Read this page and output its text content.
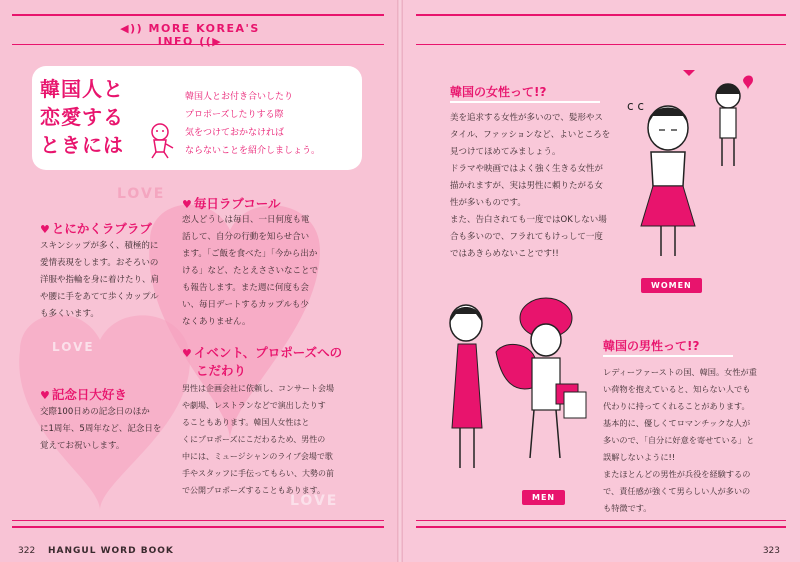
◀)) MORE KOREA'S INFO ((▶
LOVE
LOVE
LOVE
韓国人と
恋愛する
ときには
韓国人とお付き合いしたり
プロポーズしたりする際
気をつけておかなければ
ならないことを紹介しましょう。
♥ とにかくラブラブ
スキンシップが多く、積極的に
愛情表現をします。おそろいの
洋服や指輪を身に着けたり、肩
や腰に手をあてて歩くカップル
も多くいます。
♥ 記念日大好き
交際100日めの記念日のほか
に1周年、5周年など、記念日を
覚えてお祝いします。
♥ 毎日ラブコール
恋人どうしは毎日、一日何度も電
話して、自分の行動を知らせ合い
ます。「ご飯を食べた」「今から出か
ける」など、たとえささいなことで
も報告します。また週に何度も会
い、毎日デートするカップルも少
なくありません。
♥ イベント、プロポーズへの
こだわり
男性は企画会社に依頼し、コンサート会場
や劇場、レストランなどで演出したりす
ることもあります。韓国人女性はと
くにプロポーズにこだわるため、男性の
中には、ミュージシャンのライブ会場で歌
手やスタッフに手伝ってもらい、大勢の前
で公開プロポーズすることもあります。
322 HANGUL WORD BOOK
韓国の女性って!?
美を追求する女性が多いので、髪形やス
タイル、ファッションなど、よいところを
見つけてほめてみましょう。
ドラマや映画ではよく強く生きる女性が
描かれますが、実は男性に頼りたがる女
性が多いものです。
また、告白されても一度ではOKしない場
合も多いので、フラれてもけっして一度
ではあきらめないことです!!
c c
WOMEN
韓国の男性って!?
レディーファーストの国、韓国。女性が重
い荷物を抱えていると、知らない人でも
代わりに持ってくれることがあります。
基本的に、優しくてロマンチックな人が
多いので、「自分に好意を寄せている」と
誤解しないように!!
またほとんどの男性が兵役を経験するの
で、責任感が強くて男らしい人が多いの
も特徴です。
MEN
323
